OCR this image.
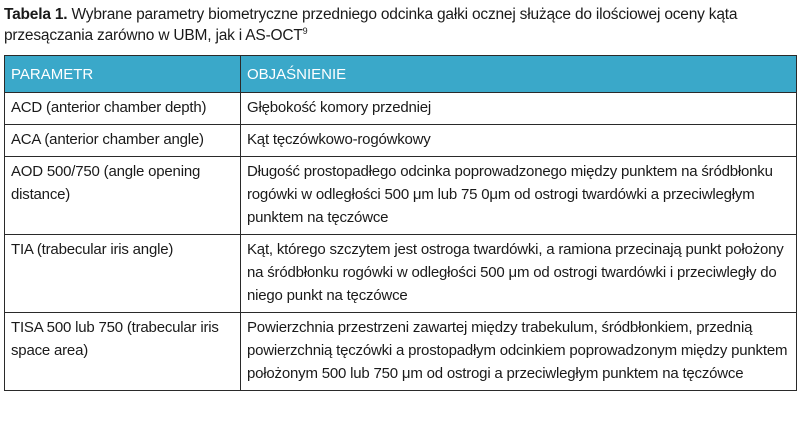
Tabela 1. Wybrane parametry biometryczne przedniego odcinka gałki ocznej służące do ilościowej oceny kąta przesączania zarówno w UBM, jak i AS-OCT$^9$
PARAMETR	OBJAŚNIENIE
ACD (anterior chamber depth)	Głębokość komory przedniej
ACA (anterior chamber angle)	Kąt tęczówkowo-rogówkowy
AOD 500/750 (angle opening distance)	Długość prostopadłego odcinka poprowadzonego między punktem na śródbłonku rogówki w odległości 500 μm lub 75 0μm od ostrogi twardówki a przeciwległym punktem na tęczówce
TIA (trabecular iris angle)	Kąt, którego szczytem jest ostroga twardówki, a ramiona przecinają punkt położony na śródbłonku rogówki w odległości 500 μm od ostrogi twardówki i przeciwległy do niego punkt na tęczówce
TISA 500 lub 750 (trabecular iris space area)	Powierzchnia przestrzeni zawartej między trabekulum, śródbłonkiem, przednią powierzchnią tęczówki a prostopadłym odcinkiem poprowadzonym między punktem położonym 500 lub 750 μm od ostrogi a przeciwległym punktem na tęczówce
